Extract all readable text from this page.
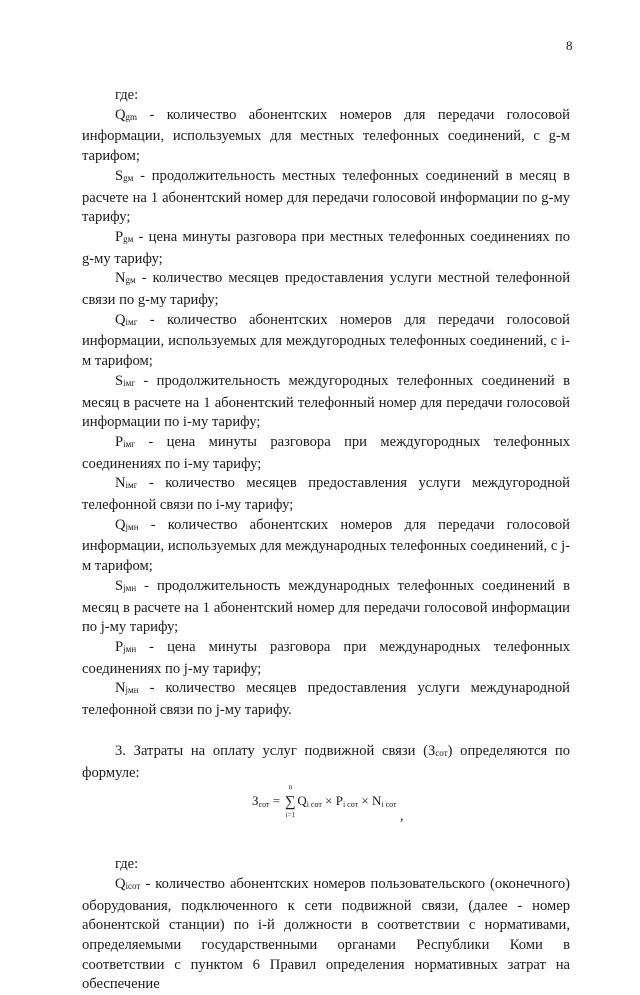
8

где:

Qgm - количество абонентских номеров для передачи голосовой информации, используемых для местных телефонных соединений, с g-м тарифом;

Sgм - продолжительность местных телефонных соединений в месяц в расчете на 1 абонентский номер для передачи голосовой информации по g-му тарифу;

Pgм - цена минуты разговора при местных телефонных соединениях по g-му тарифу;

Ngм - количество месяцев предоставления услуги местной телефонной связи по g-му тарифу;

Qiмг - количество абонентских номеров для передачи голосовой информации, используемых для междугородных телефонных соединений, с i-м тарифом;

Siмг - продолжительность междугородных телефонных соединений в месяц в расчете на 1 абонентский телефонный номер для передачи голосовой информации по i-му тарифу;

Piмг - цена минуты разговора при междугородных телефонных соединениях по i-му тарифу;

Niмг - количество месяцев предоставления услуги междугородной телефонной связи по i-му тарифу;

Qjмн - количество абонентских номеров для передачи голосовой информации, используемых для международных телефонных соединений, с j-м тарифом;

Sjмн - продолжительность международных телефонных соединений в месяц в расчете на 1 абонентский номер для передачи голосовой информации по j-му тарифу;

Pjмн - цена минуты разговора при международных телефонных соединениях по j-му тарифу;

Njмн - количество месяцев предоставления услуги международной телефонной связи по j-му тарифу.

3. Затраты на оплату услуг подвижной связи (Зсот) определяются по формуле:

Зсот =
n
∑
i=1
Qi сот × Pi сот × Ni сот
,

где:

Qiсот - количество абонентских номеров пользовательского (оконечного) оборудования, подключенного к сети подвижной связи, (далее - номер абонентской станции) по i-й должности в соответствии с нормативами, определяемыми государственными органами Республики Коми в соответствии с пунктом 6 Правил определения нормативных затрат на обеспечение
